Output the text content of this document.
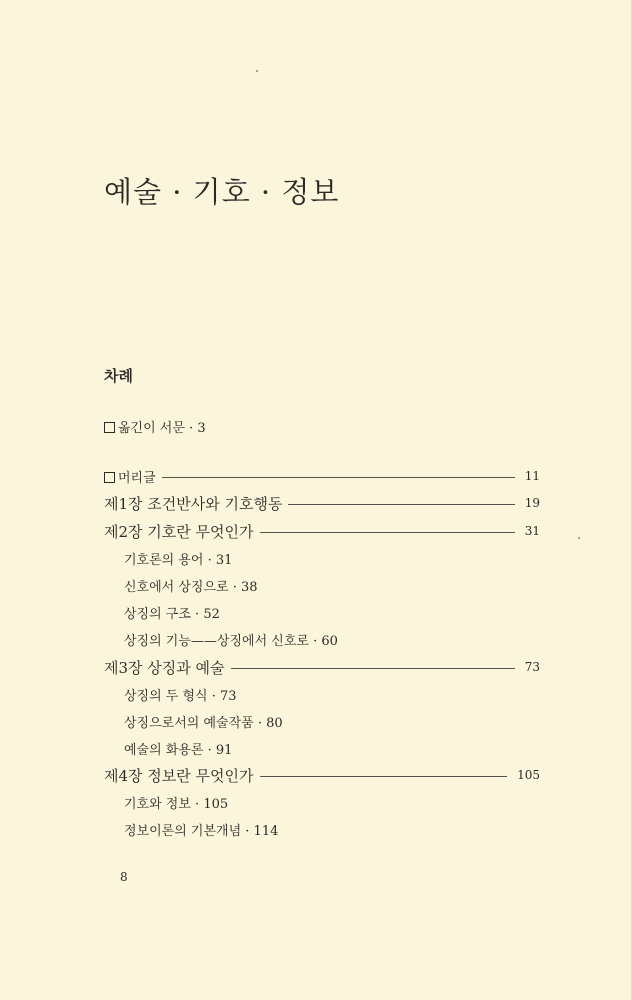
예술 · 기호 · 정보
차례
옮긴이 서문 · 3
머리글	11
제1장 조건반사와 기호행동	19
제2장 기호란 무엇인가	31
기호론의 용어 · 31
신호에서 상징으로 · 38
상징의 구조 · 52
상징의 기능——상징에서 신호로 · 60
제3장 상징과 예술	73
상징의 두 형식 · 73
상징으로서의 예술작품 · 80
예술의 화용론 · 91
제4장 정보란 무엇인가	105
기호와 정보 · 105
정보이론의 기본개념 · 114
8
